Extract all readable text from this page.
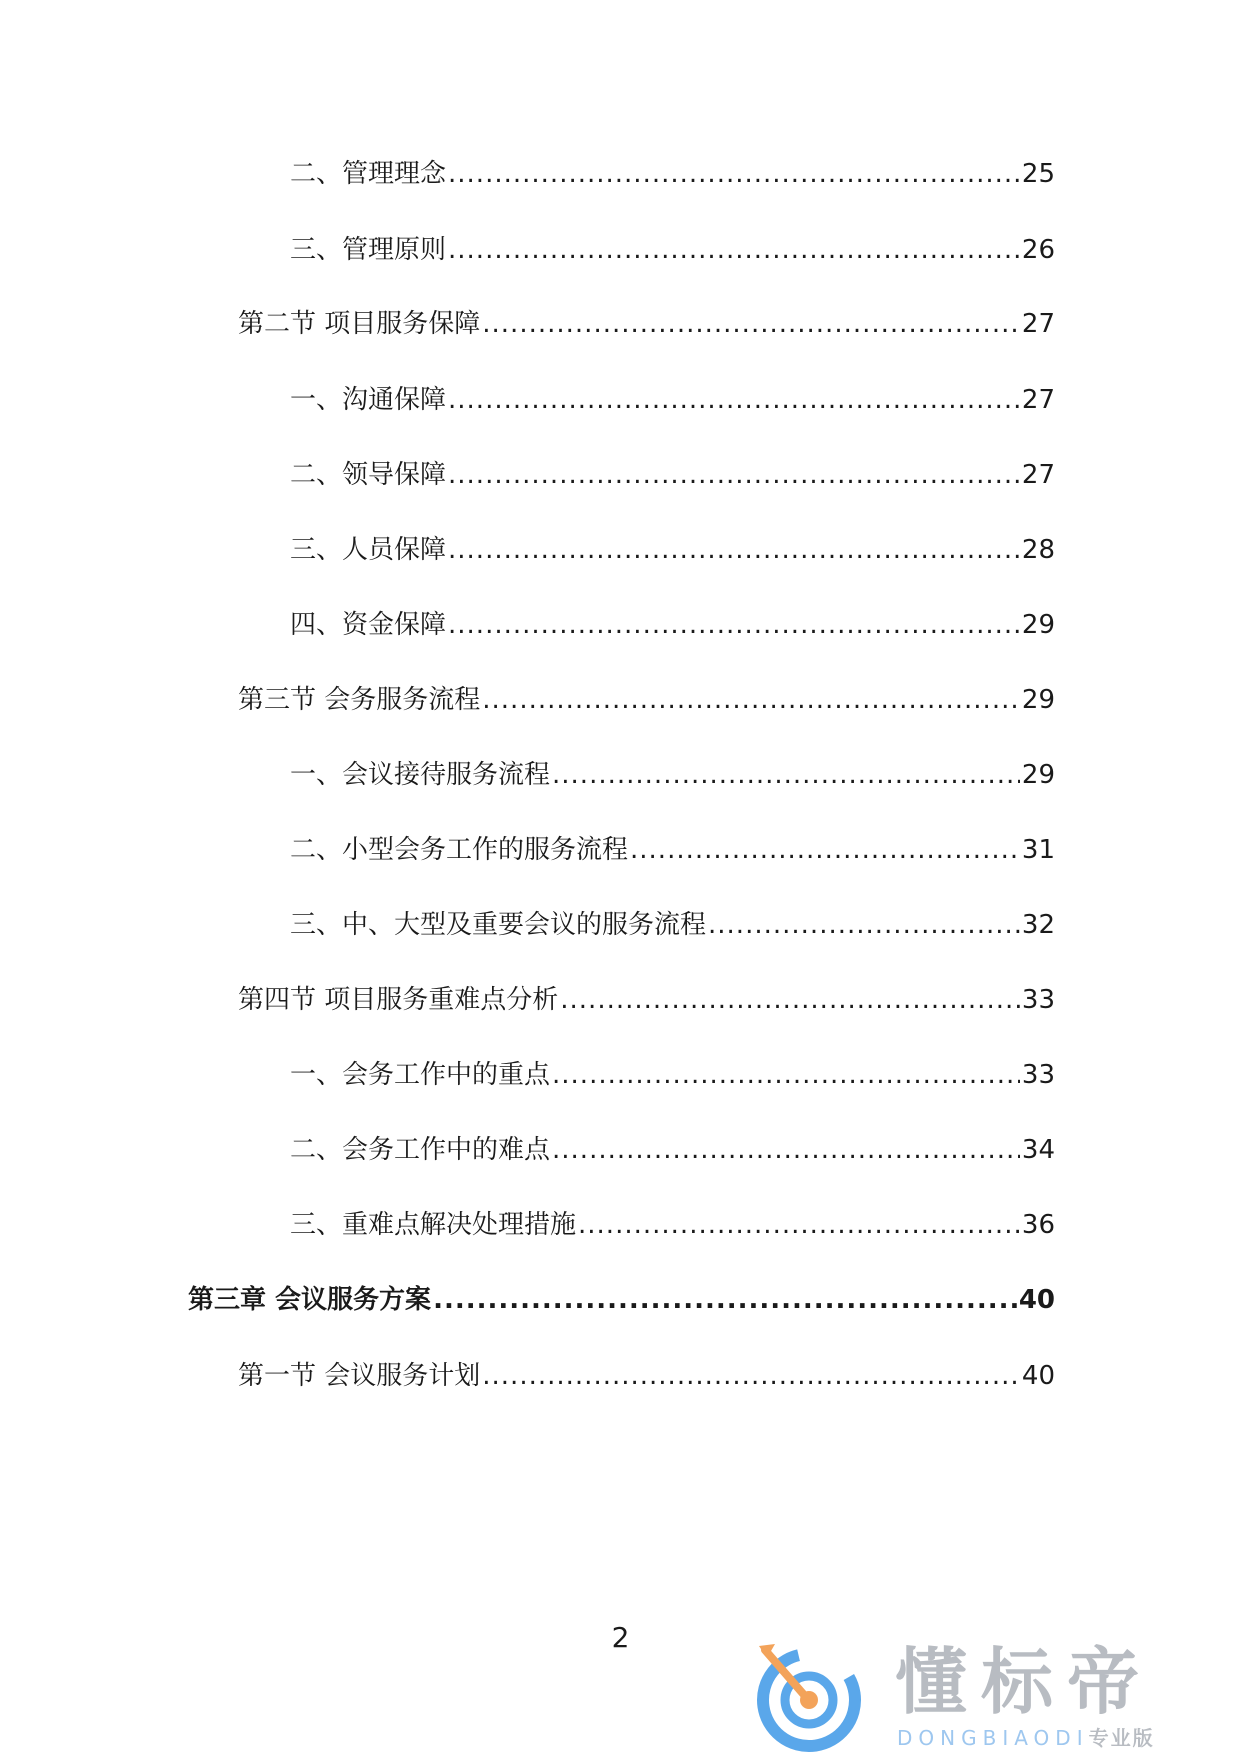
二、管理理念 .....	25
三、管理原则 .....	26
第二节 项目服务保障 .....	27
一、沟通保障 .....	27
二、领导保障 .....	27
三、人员保障 .....	28
四、资金保障 .....	29
第三节 会务服务流程 .....	29
一、会议接待服务流程 .....	29
二、小型会务工作的服务流程 .....	31
三、中、大型及重要会议的服务流程 .....	32
第四节 项目服务重难点分析 .....	33
一、会务工作中的重点 .....	33
二、会务工作中的难点 .....	34
三、重难点解决处理措施 .....	36
第三章 会议服务方案 .....	40
第一节 会议服务计划 .....	40
2
懂标帝
DONGBIAODI专业版
